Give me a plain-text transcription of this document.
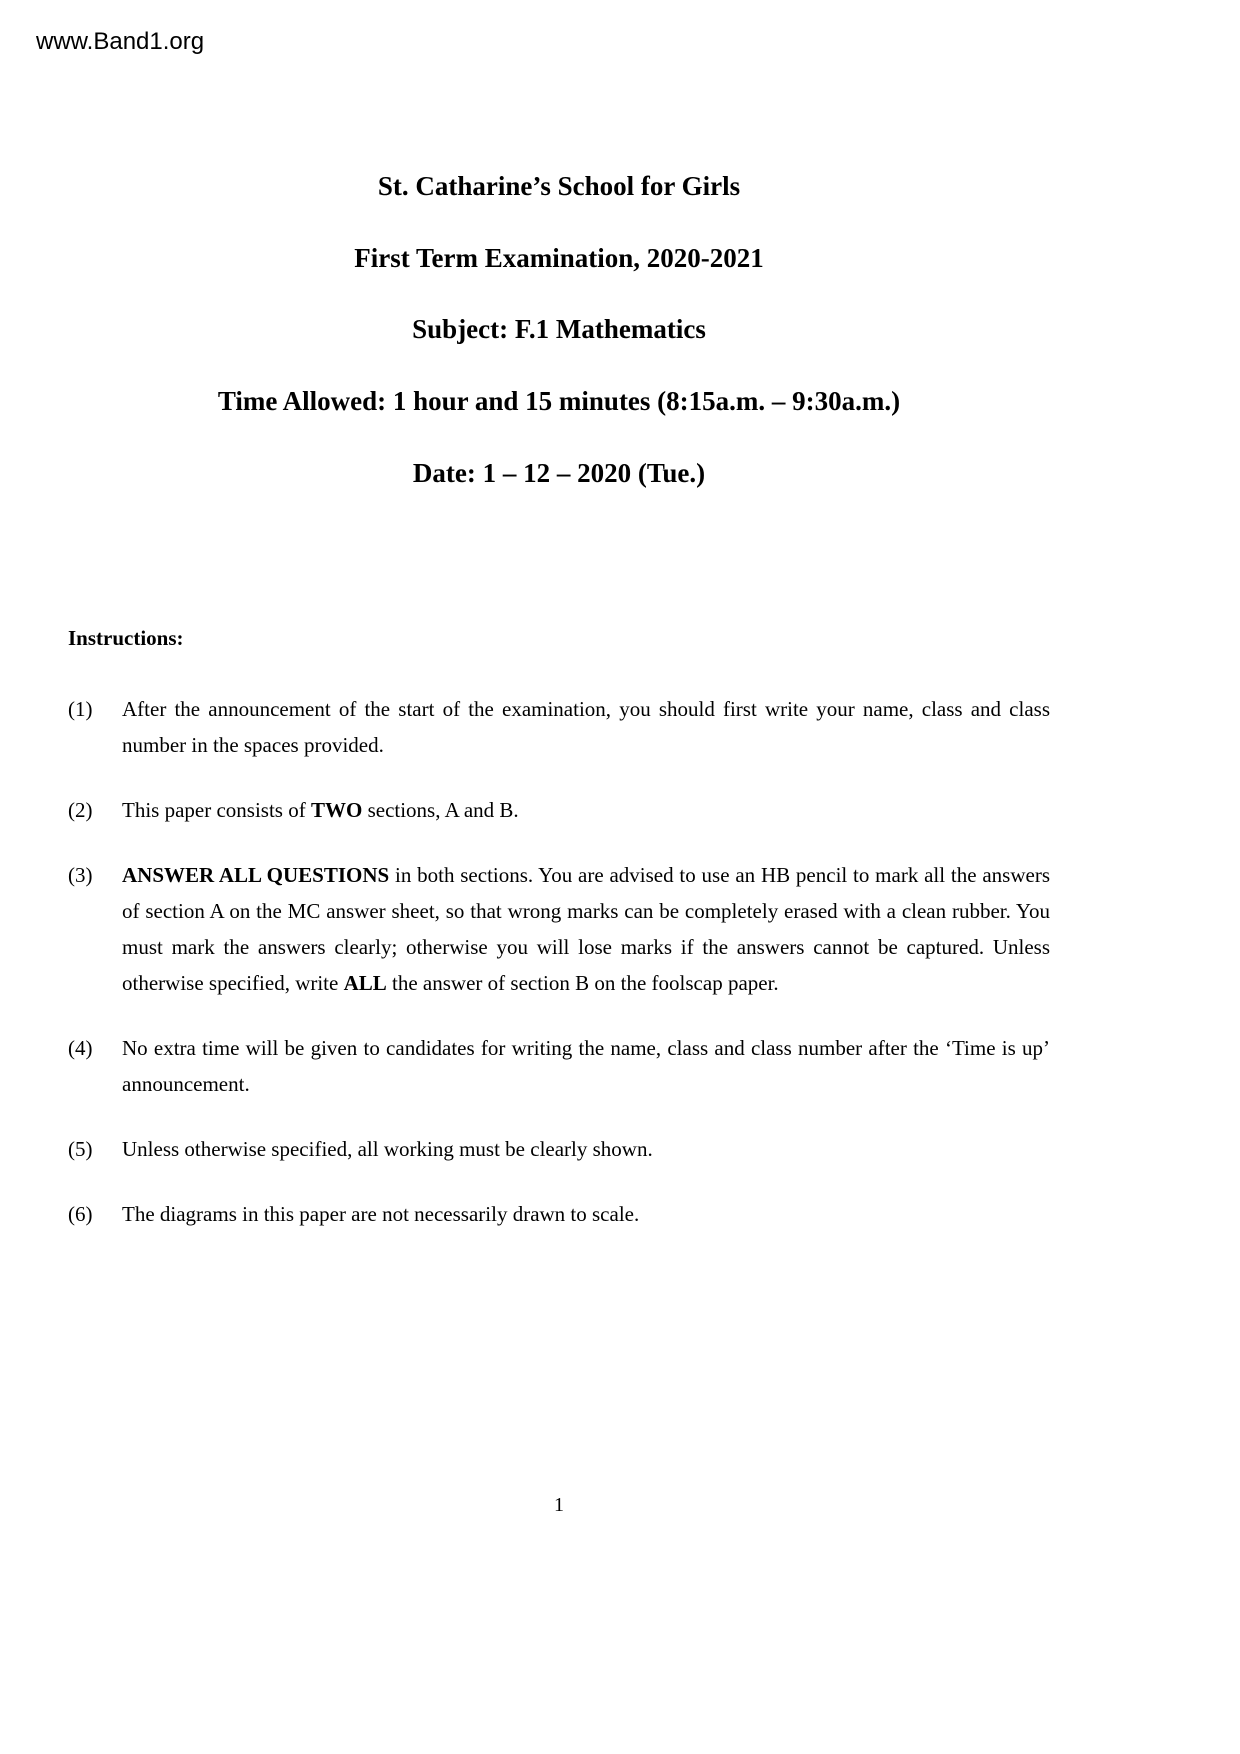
www.Band1.org
St. Catharine’s School for Girls
First Term Examination, 2020-2021
Subject: F.1 Mathematics
Time Allowed: 1 hour and 15 minutes (8:15a.m. – 9:30a.m.)
Date: 1 – 12 – 2020 (Tue.)
Instructions:
(1)	After the announcement of the start of the examination, you should first write your name, class and class number in the spaces provided.
(2)	This paper consists of TWO sections, A and B.
(3)	ANSWER ALL QUESTIONS in both sections. You are advised to use an HB pencil to mark all the answers of section A on the MC answer sheet, so that wrong marks can be completely erased with a clean rubber. You must mark the answers clearly; otherwise you will lose marks if the answers cannot be captured. Unless otherwise specified, write ALL the answer of section B on the foolscap paper.
(4)	No extra time will be given to candidates for writing the name, class and class number after the ‘Time is up’ announcement.
(5)	Unless otherwise specified, all working must be clearly shown.
(6)	The diagrams in this paper are not necessarily drawn to scale.
1
